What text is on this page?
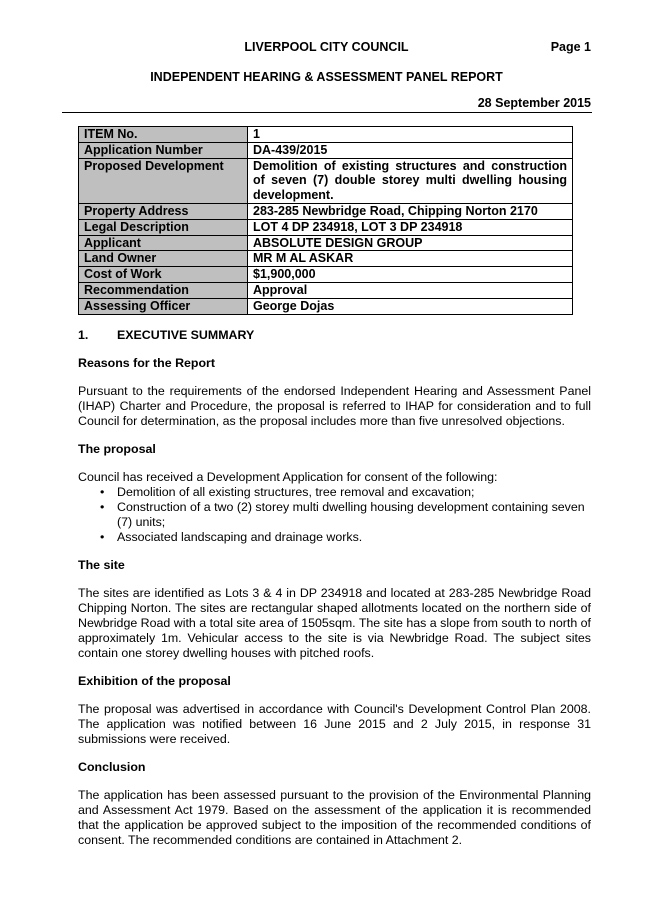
LIVERPOOL CITY COUNCIL	Page 1
INDEPENDENT HEARING & ASSESSMENT PANEL REPORT
28 September 2015
ITEM No.	1
Application Number	DA-439/2015
Proposed Development	Demolition of existing structures and construction of seven (7) double storey multi dwelling housing development.
Property Address	283-285 Newbridge Road, Chipping Norton 2170
Legal Description	LOT 4 DP 234918, LOT 3 DP 234918
Applicant	ABSOLUTE DESIGN GROUP
Land Owner	MR M AL ASKAR
Cost of Work	$1,900,000
Recommendation	Approval
Assessing Officer	George Dojas
1. EXECUTIVE SUMMARY
Reasons for the Report

Pursuant to the requirements of the endorsed Independent Hearing and Assessment Panel (IHAP) Charter and Procedure, the proposal is referred to IHAP for consideration and to full Council for determination, as the proposal includes more than five unresolved objections.

The proposal

Council has received a Development Application for consent of the following:

• Demolition of all existing structures, tree removal and excavation;
• Construction of a two (2) storey multi dwelling housing development containing seven (7) units;
• Associated landscaping and drainage works.
The site

The sites are identified as Lots 3 & 4 in DP 234918 and located at 283-285 Newbridge Road Chipping Norton. The sites are rectangular shaped allotments located on the northern side of Newbridge Road with a total site area of 1505sqm. The site has a slope from south to north of approximately 1m. Vehicular access to the site is via Newbridge Road. The subject sites contain one storey dwelling houses with pitched roofs.

Exhibition of the proposal

The proposal was advertised in accordance with Council's Development Control Plan 2008. The application was notified between 16 June 2015 and 2 July 2015, in response 31 submissions were received.

Conclusion

The application has been assessed pursuant to the provision of the Environmental Planning and Assessment Act 1979. Based on the assessment of the application it is recommended that the application be approved subject to the imposition of the recommended conditions of consent. The recommended conditions are contained in Attachment 2.
